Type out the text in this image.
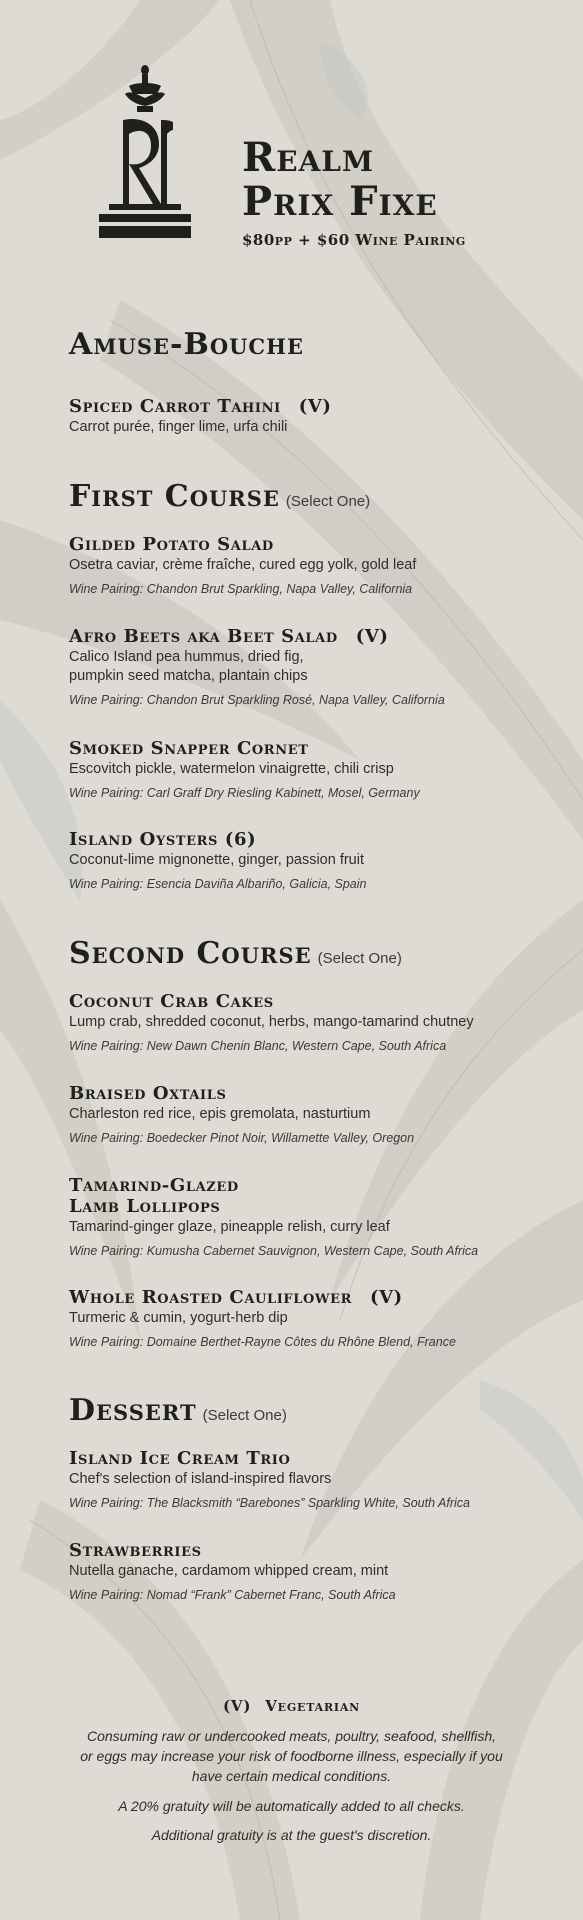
Realm
Prix Fixe
$80pp + $60 Wine Pairing
Amuse-Bouche
Spiced Carrot Tahini (V)
Carrot purée, finger lime, urfa chili
First Course (Select One)
Gilded Potato Salad
Osetra caviar, crème fraîche, cured egg yolk, gold leaf
Wine Pairing: Chandon Brut Sparkling, Napa Valley, California
Afro Beets aka Beet Salad (V)
Calico Island pea hummus, dried fig,
pumpkin seed matcha, plantain chips
Wine Pairing: Chandon Brut Sparkling Rosé, Napa Valley, California
Smoked Snapper Cornet
Escovitch pickle, watermelon vinaigrette, chili crisp
Wine Pairing: Carl Graff Dry Riesling Kabinett, Mosel, Germany
Island Oysters (6)
Coconut-lime mignonette, ginger, passion fruit
Wine Pairing: Esencia Daviña Albariño, Galicia, Spain
Second Course (Select One)
Coconut Crab Cakes
Lump crab, shredded coconut, herbs, mango-tamarind chutney
Wine Pairing: New Dawn Chenin Blanc, Western Cape, South Africa
Braised Oxtails
Charleston red rice, epis gremolata, nasturtium
Wine Pairing: Boedecker Pinot Noir, Willamette Valley, Oregon
Tamarind-Glazed
Lamb Lollipops
Tamarind-ginger glaze, pineapple relish, curry leaf
Wine Pairing: Kumusha Cabernet Sauvignon, Western Cape, South Africa
Whole Roasted Cauliflower (V)
Turmeric & cumin, yogurt-herb dip
Wine Pairing: Domaine Berthet-Rayne Côtes du Rhône Blend, France
Dessert (Select One)
Island Ice Cream Trio
Chef's selection of island-inspired flavors
Wine Pairing: The Blacksmith “Barebones” Sparkling White, South Africa
Strawberries
Nutella ganache, cardamom whipped cream, mint
Wine Pairing: Nomad “Frank” Cabernet Franc, South Africa
(V) Vegetarian
Consuming raw or undercooked meats, poultry, seafood, shellfish, or eggs may increase your risk of foodborne illness, especially if you have certain medical conditions.
A 20% gratuity will be automatically added to all checks.
Additional gratuity is at the guest's discretion.
